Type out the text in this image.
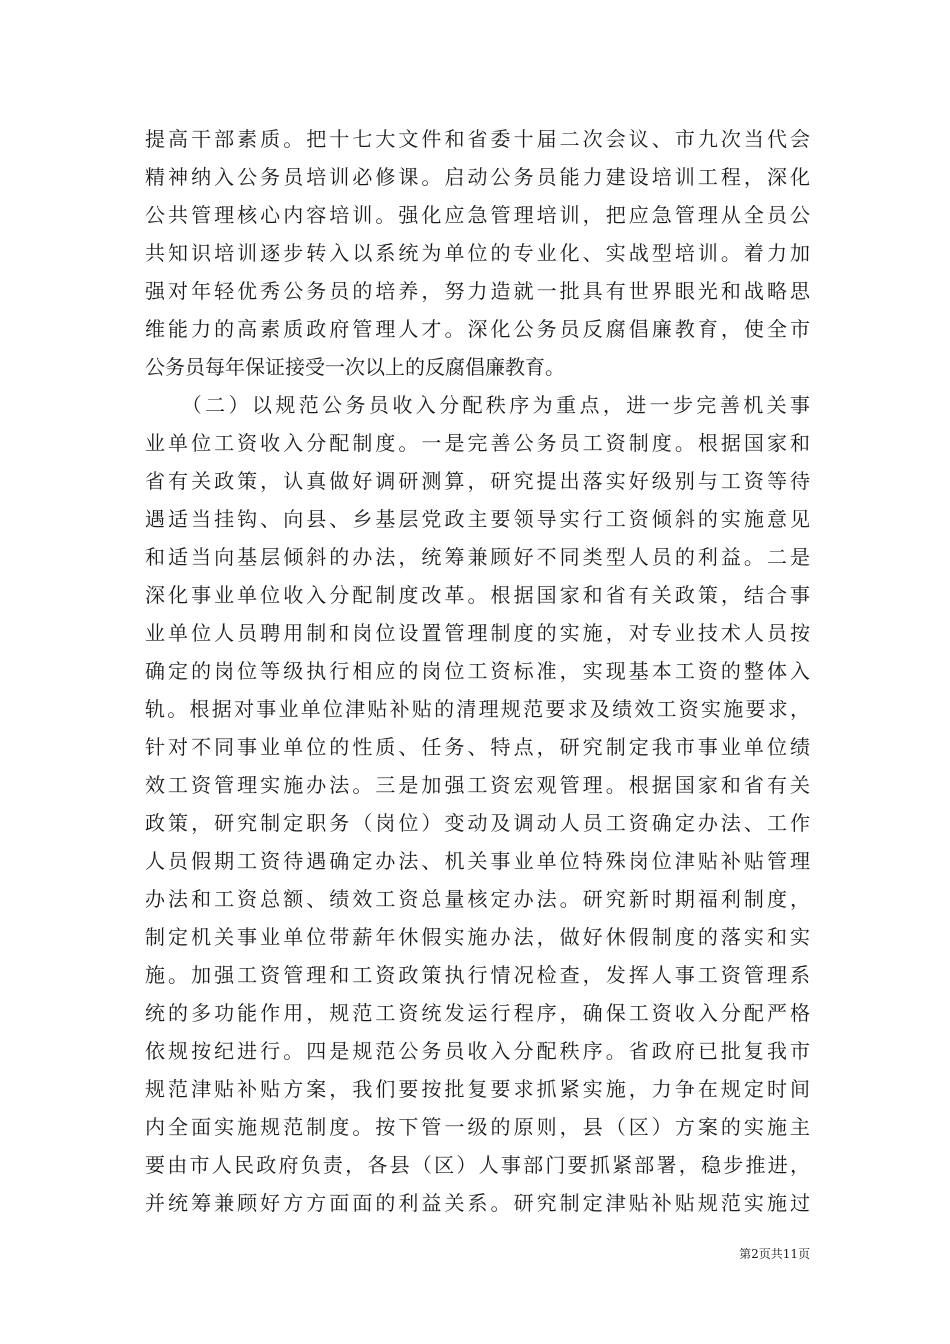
提高干部素质。把十七大文件和省委十届二次会议、市九次当代会
精神纳入公务员培训必修课。启动公务员能力建设培训工程，深化
公共管理核心内容培训。强化应急管理培训，把应急管理从全员公
共知识培训逐步转入以系统为单位的专业化、实战型培训。着力加
强对年轻优秀公务员的培养，努力造就一批具有世界眼光和战略思
维能力的高素质政府管理人才。深化公务员反腐倡廉教育，使全市
公务员每年保证接受一次以上的反腐倡廉教育。
　　（二）以规范公务员收入分配秩序为重点，进一步完善机关事
业单位工资收入分配制度。一是完善公务员工资制度。根据国家和
省有关政策，认真做好调研测算，研究提出落实好级别与工资等待
遇适当挂钩、向县、乡基层党政主要领导实行工资倾斜的实施意见
和适当向基层倾斜的办法，统筹兼顾好不同类型人员的利益。二是
深化事业单位收入分配制度改革。根据国家和省有关政策，结合事
业单位人员聘用制和岗位设置管理制度的实施，对专业技术人员按
确定的岗位等级执行相应的岗位工资标准，实现基本工资的整体入
轨。根据对事业单位津贴补贴的清理规范要求及绩效工资实施要求，
针对不同事业单位的性质、任务、特点，研究制定我市事业单位绩
效工资管理实施办法。三是加强工资宏观管理。根据国家和省有关
政策，研究制定职务（岗位）变动及调动人员工资确定办法、工作
人员假期工资待遇确定办法、机关事业单位特殊岗位津贴补贴管理
办法和工资总额、绩效工资总量核定办法。研究新时期福利制度，
制定机关事业单位带薪年休假实施办法，做好休假制度的落实和实
施。加强工资管理和工资政策执行情况检查，发挥人事工资管理系
统的多功能作用，规范工资统发运行程序，确保工资收入分配严格
依规按纪进行。四是规范公务员收入分配秩序。省政府已批复我市
规范津贴补贴方案，我们要按批复要求抓紧实施，力争在规定时间
内全面实施规范制度。按下管一级的原则，县（区）方案的实施主
要由市人民政府负责，各县（区）人事部门要抓紧部署，稳步推进，
并统筹兼顾好方方面面的利益关系。研究制定津贴补贴规范实施过
第2页共11页
